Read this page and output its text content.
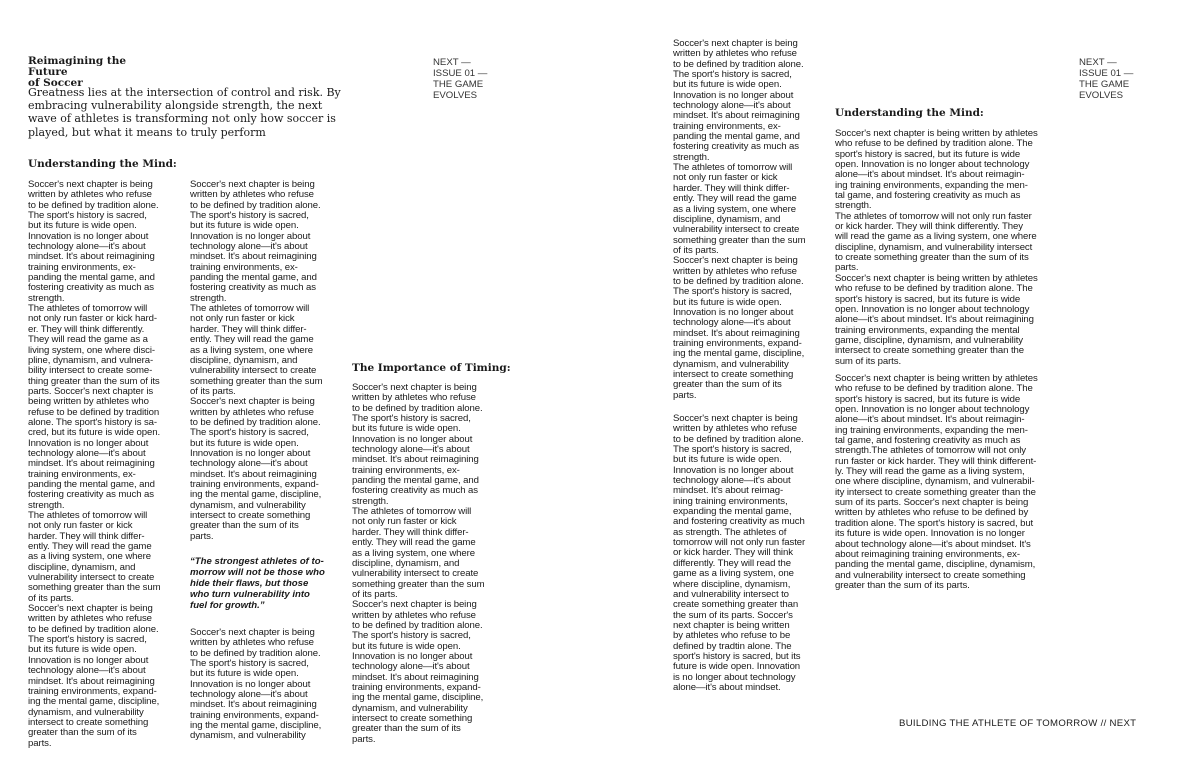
Reimagining the Future
of Soccer
Greatness lies at the intersection of control and risk. By embracing vulnerability alongside strength, the next wave of athletes is transforming not only how soccer is played, but what it means to truly perform
NEXT —
ISSUE 01 —
THE GAME
EVOLVES
Understanding the Mind:
Soccer's next chapter is being
written by athletes who refuse
to be defined by tradition alone.
The sport's history is sacred,
but its future is wide open.
Innovation is no longer about
technology alone—it's about
mindset. It's about reimagining
training environments, ex-
panding the mental game, and
fostering creativity as much as
strength.
The athletes of tomorrow will
not only run faster or kick hard-
er. They will think differently.
They will read the game as a
living system, one where disci-
pline, dynamism, and vulnera-
bility intersect to create some-
thing greater than the sum of its
parts. Soccer's next chapter is
being written by athletes who
refuse to be defined by tradition
alone. The sport's history is sa-
cred, but its future is wide open.
Innovation is no longer about
technology alone—it's about
mindset. It's about reimagining
training environments, ex-
panding the mental game, and
fostering creativity as much as
strength.
The athletes of tomorrow will
not only run faster or kick
harder. They will think differ-
ently. They will read the game
as a living system, one where
discipline, dynamism, and
vulnerability intersect to create
something greater than the sum
of its parts.
Soccer's next chapter is being
written by athletes who refuse
to be defined by tradition alone.
The sport's history is sacred,
but its future is wide open.
Innovation is no longer about
technology alone—it's about
mindset. It's about reimagining
training environments, expand-
ing the mental game, discipline,
dynamism, and vulnerability
intersect to create something
greater than the sum of its
parts.
Soccer's next chapter is being
written by athletes who refuse
to be defined by tradition alone.
The sport's history is sacred,
but its future is wide open.
Innovation is no longer about
technology alone—it's about
mindset. It's about reimagining
training environments, ex-
panding the mental game, and
fostering creativity as much as
strength.
The athletes of tomorrow will
not only run faster or kick
harder. They will think differ-
ently. They will read the game
as a living system, one where
discipline, dynamism, and
vulnerability intersect to create
something greater than the sum
of its parts.
Soccer's next chapter is being
written by athletes who refuse
to be defined by tradition alone.
The sport's history is sacred,
but its future is wide open.
Innovation is no longer about
technology alone—it's about
mindset. It's about reimagining
training environments, expand-
ing the mental game, discipline,
dynamism, and vulnerability
intersect to create something
greater than the sum of its
parts.
“The strongest athletes of to-
morrow will not be those who
hide their flaws, but those
who turn vulnerability into
fuel for growth.”
Soccer's next chapter is being
written by athletes who refuse
to be defined by tradition alone.
The sport's history is sacred,
but its future is wide open.
Innovation is no longer about
technology alone—it's about
mindset. It's about reimagining
training environments, expand-
ing the mental game, discipline,
dynamism, and vulnerability
The Importance of Timing:
Soccer's next chapter is being
written by athletes who refuse
to be defined by tradition alone.
The sport's history is sacred,
but its future is wide open.
Innovation is no longer about
technology alone—it's about
mindset. It's about reimagining
training environments, ex-
panding the mental game, and
fostering creativity as much as
strength.
The athletes of tomorrow will
not only run faster or kick
harder. They will think differ-
ently. They will read the game
as a living system, one where
discipline, dynamism, and
vulnerability intersect to create
something greater than the sum
of its parts.
Soccer's next chapter is being
written by athletes who refuse
to be defined by tradition alone.
The sport's history is sacred,
but its future is wide open.
Innovation is no longer about
technology alone—it's about
mindset. It's about reimagining
training environments, expand-
ing the mental game, discipline,
dynamism, and vulnerability
intersect to create something
greater than the sum of its
parts.
Soccer's next chapter is being
written by athletes who refuse
to be defined by tradition alone.
The sport's history is sacred,
but its future is wide open.
Innovation is no longer about
technology alone—it's about
mindset. It's about reimagining
training environments, ex-
panding the mental game, and
fostering creativity as much as
strength.
The athletes of tomorrow will
not only run faster or kick
harder. They will think differ-
ently. They will read the game
as a living system, one where
discipline, dynamism, and
vulnerability intersect to create
something greater than the sum
of its parts.
Soccer's next chapter is being
written by athletes who refuse
to be defined by tradition alone.
The sport's history is sacred,
but its future is wide open.
Innovation is no longer about
technology alone—it's about
mindset. It's about reimagining
training environments, expand-
ing the mental game, discipline,
dynamism, and vulnerability
intersect to create something
greater than the sum of its
parts.
Soccer's next chapter is being
written by athletes who refuse
to be defined by tradition alone.
The sport's history is sacred,
but its future is wide open.
Innovation is no longer about
technology alone—it's about
mindset. It's about reimag-
ining training environments,
expanding the mental game,
and fostering creativity as much
as strength. The athletes of
tomorrow will not only run faster
or kick harder. They will think
differently. They will read the
game as a living system, one
where discipline, dynamism,
and vulnerability intersect to
create something greater than
the sum of its parts. Soccer's
next chapter is being written
by athletes who refuse to be
defined by tradtin alone. The
sport's history is sacred, but its
future is wide open. Innovation
is no longer about technology
alone—it's about mindset.
Understanding the Mind:
Soccer's next chapter is being written by athletes
who refuse to be defined by tradition alone. The
sport's history is sacred, but its future is wide
open. Innovation is no longer about technology
alone—it's about mindset. It's about reimagin-
ing training environments, expanding the men-
tal game, and fostering creativity as much as
strength.
The athletes of tomorrow will not only run faster
or kick harder. They will think differently. They
will read the game as a living system, one where
discipline, dynamism, and vulnerability intersect
to create something greater than the sum of its
parts.
Soccer's next chapter is being written by athletes
who refuse to be defined by tradition alone. The
sport's history is sacred, but its future is wide
open. Innovation is no longer about technology
alone—it's about mindset. It's about reimagining
training environments, expanding the mental
game, discipline, dynamism, and vulnerability
intersect to create something greater than the
sum of its parts.
Soccer's next chapter is being written by athletes
who refuse to be defined by tradition alone. The
sport's history is sacred, but its future is wide
open. Innovation is no longer about technology
alone—it's about mindset. It's about reimagin-
ing training environments, expanding the men-
tal game, and fostering creativity as much as
strength.The athletes of tomorrow will not only
run faster or kick harder. They will think different-
ly. They will read the game as a living system,
one where discipline, dynamism, and vulnerabil-
ity intersect to create something greater than the
sum of its parts. Soccer's next chapter is being
written by athletes who refuse to be defined by
tradition alone. The sport's history is sacred, but
its future is wide open. Innovation is no longer
about technology alone—it's about mindset. It's
about reimagining training environments, ex-
panding the mental game, discipline, dynamism,
and vulnerability intersect to create something
greater than the sum of its parts.
NEXT —
ISSUE 01 —
THE GAME
EVOLVES
BUILDING THE ATHLETE OF TOMORROW // NEXT
